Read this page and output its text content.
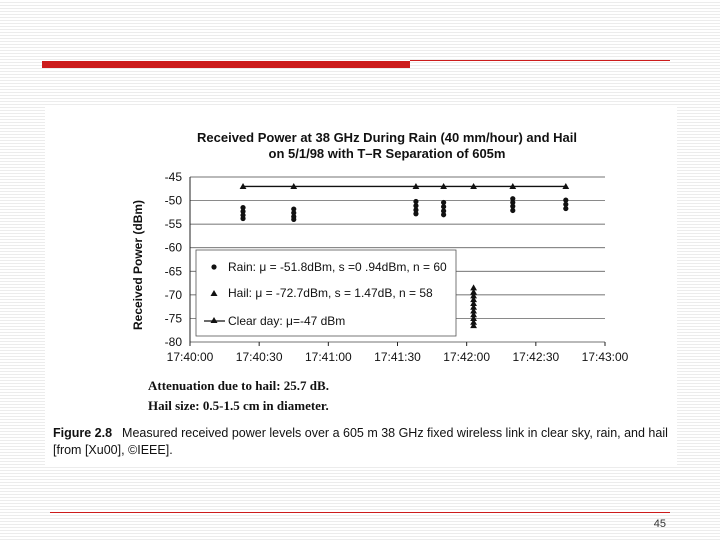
Received Power at 38 GHz During Rain (40 mm/hour) and Hail
on 5/1/98 with T–R Separation of 605m
Received Power (dBm)
-45
-50
-55
-60
-65
-70
-75
-80
17:40:00 17:40:30 17:41:00 17:41:30 17:42:00 17:42:30 17:43:00
Rain: μ = -51.8dBm, s =0 .94dBm, n = 60
Hail: μ = -72.7dBm, s = 1.47dB, n = 58
Clear day: μ=-47 dBm
Attenuation due to hail: 25.7 dB.
Hail size: 0.5-1.5 cm in diameter.
Figure 2.8 Measured received power levels over a 605 m 38 GHz fixed wireless link in clear sky, rain, and hail [from [Xu00], ©IEEE].
45
